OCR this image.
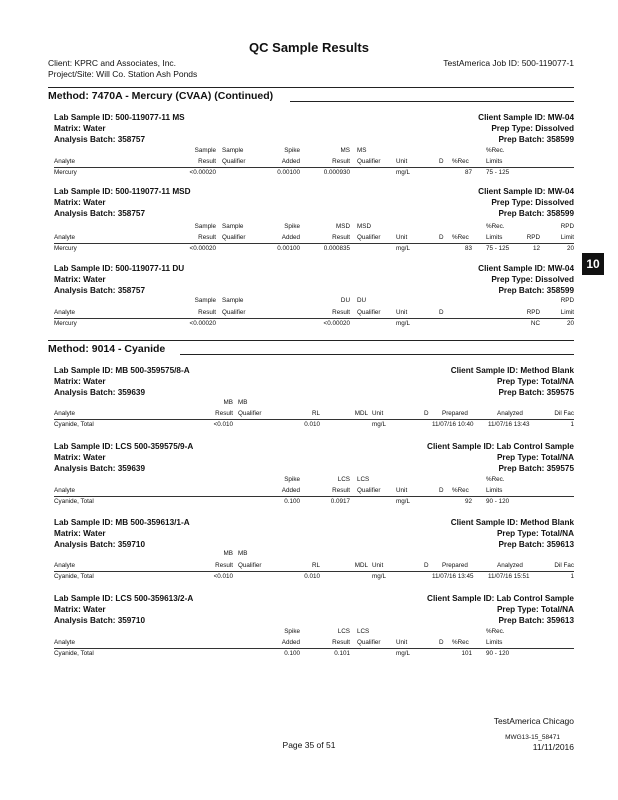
QC Sample Results
Client: KPRC and Associates, Inc.	TestAmerica Job ID: 500-119077-1
Project/Site: Will Co. Station Ash Ponds
Method: 7470A - Mercury (CVAA) (Continued)
10
Lab Sample ID: 500-119077-11 MS
Matrix: Water
Analysis Batch: 358757
Client Sample ID: MW-04
Prep Type: Dissolved
Prep Batch: 358599
Sample Sample	Spike	MS MS	%Rec.
Analyte	Result Qualifier	Added	Result Qualifier Unit	D %Rec	Limits
Mercury	<0.00020	0.00100	0.000930	mg/L	87 75 - 125
Lab Sample ID: 500-119077-11 MSD
Matrix: Water
Analysis Batch: 358757
Client Sample ID: MW-04
Prep Type: Dissolved
Prep Batch: 358599
Sample Sample	Spike	MSD MSD	%Rec.	RPD
Analyte	Result Qualifier	Added	Result Qualifier Unit	D %Rec	Limits	RPD	Limit
Mercury	<0.00020	0.00100	0.000835	mg/L	83 75 - 125	12	20
Lab Sample ID: 500-119077-11 DU
Matrix: Water
Analysis Batch: 358757
Client Sample ID: MW-04
Prep Type: Dissolved
Prep Batch: 358599
RPD
Sample Sample	DU DU
Analyte	Result Qualifier	Result Qualifier Unit	D	RPD	Limit
Mercury	<0.00020	<0.00020	mg/L	NC	20
Method: 9014 - Cyanide
Lab Sample ID: MB 500-359575/8-A
Matrix: Water
Analysis Batch: 359639
Client Sample ID: Method Blank
Prep Type: Total/NA
Prep Batch: 359575
MB MB
Analyte	Result Qualifier	RL	MDL Unit	D Prepared	Analyzed	Dil Fac
Cyanide, Total	<0.010	0.010	mg/L	11/07/16 10:40 11/07/16 13:43	1
Lab Sample ID: LCS 500-359575/9-A
Matrix: Water
Analysis Batch: 359639
Client Sample ID: Lab Control Sample
Prep Type: Total/NA
Prep Batch: 359575
Spike	LCS LCS	%Rec.
Analyte	Added	Result Qualifier Unit	D %Rec	Limits
Cyanide, Total	0.100	0.0917	mg/L	92 90 - 120
Lab Sample ID: MB 500-359613/1-A
Matrix: Water
Analysis Batch: 359710
Client Sample ID: Method Blank
Prep Type: Total/NA
Prep Batch: 359613
MB MB
Analyte	Result Qualifier	RL	MDL Unit	D Prepared	Analyzed	Dil Fac
Cyanide, Total	<0.010	0.010	mg/L	11/07/16 13:45 11/07/16 15:51	1
Lab Sample ID: LCS 500-359613/2-A
Matrix: Water
Analysis Batch: 359710
Client Sample ID: Lab Control Sample
Prep Type: Total/NA
Prep Batch: 359613
Spike	LCS LCS	%Rec.
Analyte	Added	Result Qualifier Unit	D %Rec	Limits
Cyanide, Total	0.100	0.101	mg/L	101 90 - 120
TestAmerica Chicago
Page 35 of 51
MWG13-15_58471
11/11/2016
